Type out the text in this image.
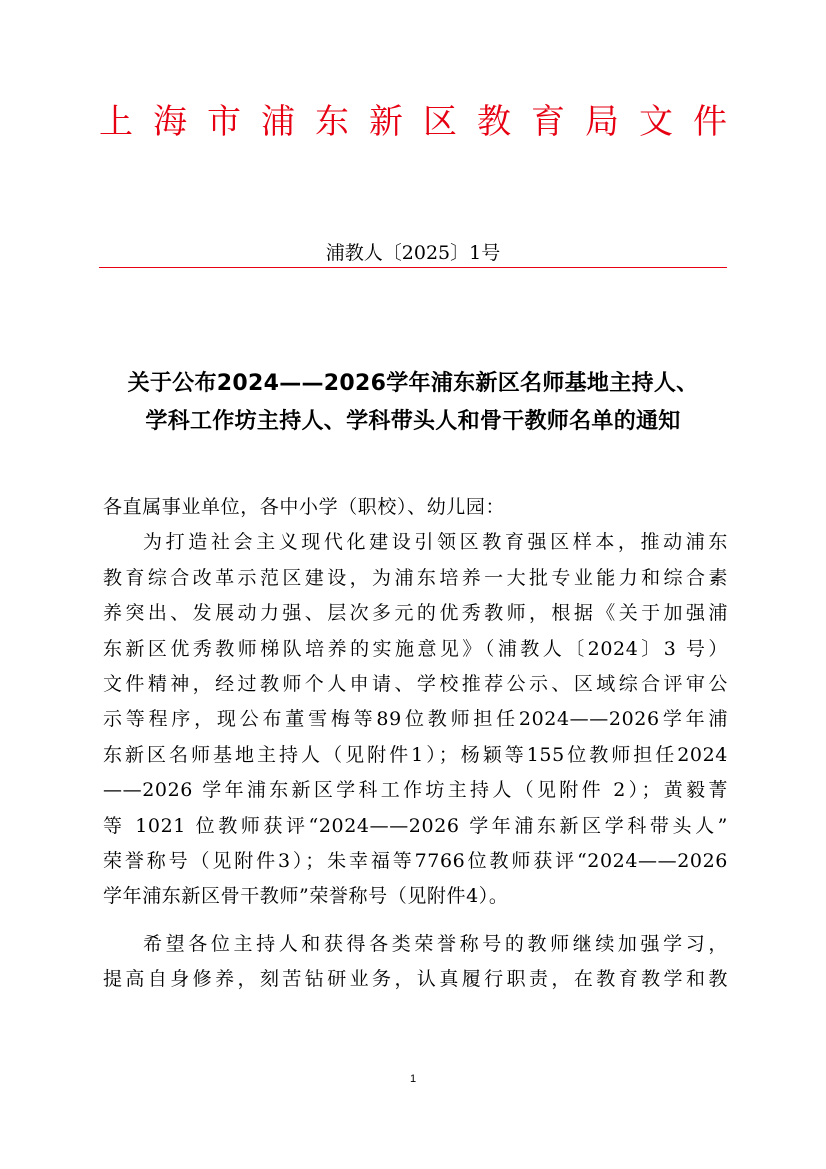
上海市浦东新区教育局文件
浦教人〔2025〕1号
关于公布2024——2026学年浦东新区名师基地主持人、
学科工作坊主持人、学科带头人和骨干教师名单的通知

各直属事业单位，各中小学（职校）、幼儿园：

为打造社会主义现代化建设引领区教育强区样本，推动浦东
教育综合改革示范区建设，为浦东培养一大批专业能力和综合素
养突出、发展动力强、层次多元的优秀教师，根据《关于加强浦
东新区优秀教师梯队培养的实施意见》（浦教人〔2024〕3 号）
文件精神，经过教师个人申请、学校推荐公示、区域综合评审公
示等程序，现公布董雪梅等89位教师担任2024——2026学年浦
东新区名师基地主持人（见附件1）；杨颖等155位教师担任2024
——2026 学年浦东新区学科工作坊主持人（见附件 2）；黄毅菁
等 1021 位教师获评“2024——2026 学年浦东新区学科带头人”
荣誉称号（见附件3）；朱幸福等7766位教师获评“2024——2026
学年浦东新区骨干教师”荣誉称号（见附件4）。
希望各位主持人和获得各类荣誉称号的教师继续加强学习，
提高自身修养，刻苦钻研业务，认真履行职责，在教育教学和教
1
